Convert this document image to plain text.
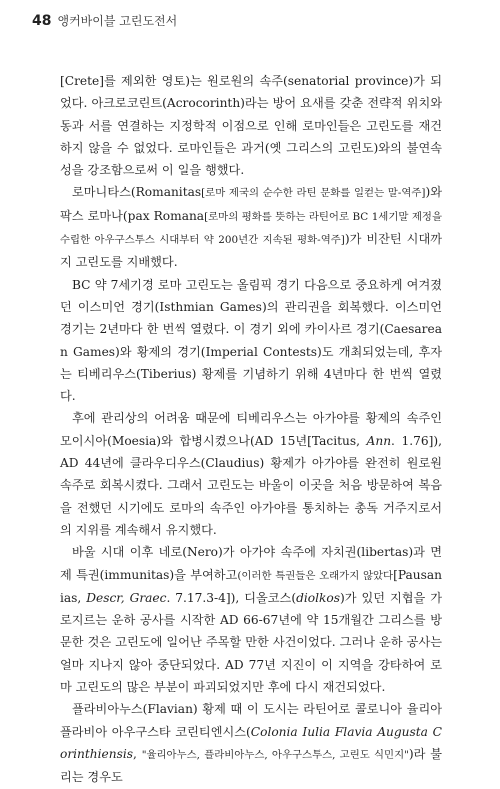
48 앵커바이블 고린도전서

[Crete]를 제외한 영토)는 원로원의 속주(senatorial province)가 되었다. 아크로코린트(Acrocorinth)라는 방어 요새를 갖춘 전략적 위치와 동과 서를 연결하는 지정학적 이점으로 인해 로마인들은 고린도를 재건하지 않을 수 없었다. 로마인들은 과거(옛 그리스의 고린도)와의 불연속성을 강조함으로써 이 일을 행했다.

로마니타스(Romanitas[로마 제국의 순수한 라틴 문화를 일컫는 말-역주])와 팍스 로마나(pax Romana[로마의 평화를 뜻하는 라틴어로 BC 1세기말 제정을 수립한 아우구스투스 시대부터 약 200년간 지속된 평화-역주])가 비잔틴 시대까지 고린도를 지배했다.

BC 약 7세기경 로마 고린도는 올림픽 경기 다음으로 중요하게 여겨졌던 이스미언 경기(Isthmian Games)의 관리권을 회복했다. 이스미언 경기는 2년마다 한 번씩 열렸다. 이 경기 외에 카이사르 경기(Caesarean Games)와 황제의 경기(Imperial Contests)도 개최되었는데, 후자는 티베리우스(Tiberius) 황제를 기념하기 위해 4년마다 한 번씩 열렸다.

후에 관리상의 어려움 때문에 티베리우스는 아가야를 황제의 속주인 모이시아(Moesia)와 합병시켰으나(AD 15년[Tacitus, Ann. 1.76]), AD 44년에 클라우디우스(Claudius) 황제가 아가야를 완전히 원로원 속주로 회복시켰다. 그래서 고린도는 바울이 이곳을 처음 방문하여 복음을 전했던 시기에도 로마의 속주인 아가야를 통치하는 총독 거주지로서의 지위를 계속해서 유지했다.

바울 시대 이후 네로(Nero)가 아가야 속주에 자치권(libertas)과 면제 특권(immunitas)을 부여하고(이러한 특권들은 오래가지 않았다[Pausanias, Descr, Graec. 7.17.3-4]), 디올코스(diolkos)가 있던 지협을 가로지르는 운하 공사를 시작한 AD 66-67년에 약 15개월간 그리스를 방문한 것은 고린도에 일어난 주목할 만한 사건이었다. 그러나 운하 공사는 얼마 지나지 않아 중단되었다. AD 77년 지진이 이 지역을 강타하여 로마 고린도의 많은 부분이 파괴되었지만 후에 다시 재건되었다.

플라비아누스(Flavian) 황제 때 이 도시는 라틴어로 콜로니아 율리아 플라비아 아우구스타 코린티엔시스(Colonia Iulia Flavia Augusta Corinthiensis, "율리아누스, 플라비아누스, 아우구스투스, 고린도 식민지")라 불리는 경우도
